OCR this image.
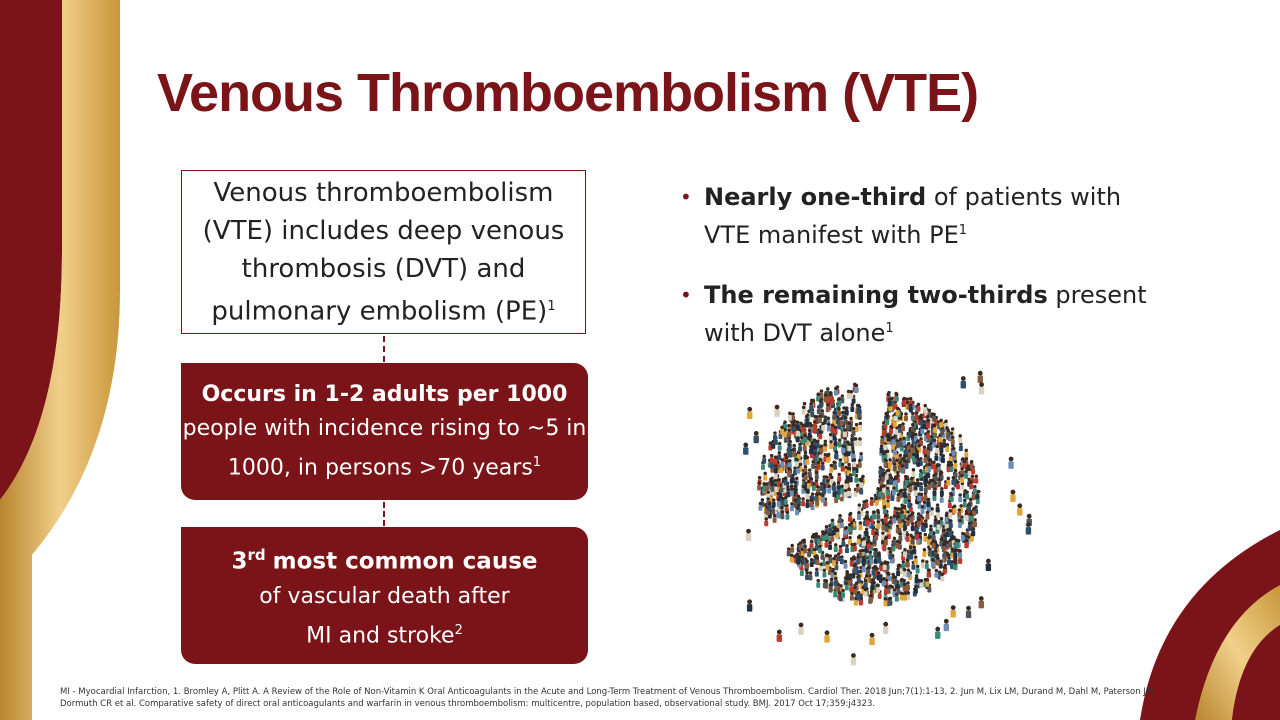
Venous Thromboembolism (VTE)
Venous thromboembolism (VTE) includes deep venous thrombosis (DVT) and pulmonary embolism (PE)$^1$
Occurs in 1-2 adults per 1000
people with incidence rising to ~5 in 1000, in persons >70 years$^1$
3rd most common cause
of vascular death after
MI and stroke$^2$
• Nearly one-third of patients with VTE manifest with $PE^1$
• The remaining two-thirds present with DVT alone$^1$
MI - Myocardial Infarction, 1. Bromley A, Plitt A. A Review of the Role of Non-Vitamin K Oral Anticoagulants in the Acute and Long-Term Treatment of Venous Thromboembolism. Cardiol Ther. 2018 Jun;7(1):1-13, 2. Jun M, Lix LM, Durand M, Dahl M, Paterson JM, Dormuth CR et al. Comparative safety of direct oral anticoagulants and warfarin in venous thromboembolism: multicentre, population based, observational study. BMJ. 2017 Oct 17;359:j4323.
